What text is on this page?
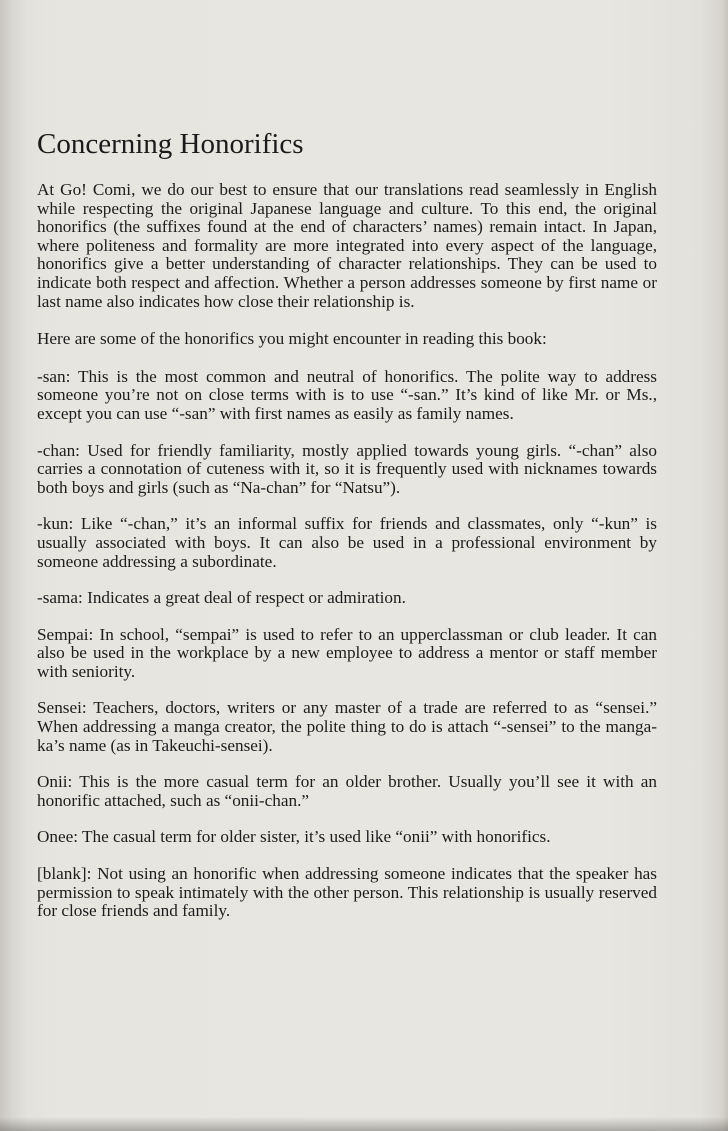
Concerning Honorifics

At Go! Comi, we do our best to ensure that our translations read seamlessly in English while respecting the original Japanese language and culture. To this end, the original honorifics (the suffixes found at the end of characters’ names) remain intact. In Japan, where politeness and formality are more integrated into every aspect of the language, honorifics give a better understanding of character relationships. They can be used to indicate both respect and affection. Whether a person addresses someone by first name or last name also indicates how close their relationship is.

Here are some of the honorifics you might encounter in reading this book:

-san: This is the most common and neutral of honorifics. The polite way to address someone you’re not on close terms with is to use “-san.” It’s kind of like Mr. or Ms., except you can use “-san” with first names as easily as family names.

-chan: Used for friendly familiarity, mostly applied towards young girls. “-chan” also carries a connotation of cuteness with it, so it is frequently used with nicknames towards both boys and girls (such as “Na-chan” for “Natsu”).

-kun: Like “-chan,” it’s an informal suffix for friends and classmates, only “-kun” is usually associated with boys. It can also be used in a professional environment by someone addressing a subordinate.

-sama: Indicates a great deal of respect or admiration.

Sempai: In school, “sempai” is used to refer to an upperclassman or club leader. It can also be used in the workplace by a new employee to address a mentor or staff member with seniority.

Sensei: Teachers, doctors, writers or any master of a trade are referred to as “sensei.” When addressing a manga creator, the polite thing to do is attach “-sensei” to the manga-ka’s name (as in Takeuchi-sensei).

Onii: This is the more casual term for an older brother. Usually you’ll see it with an honorific attached, such as “onii-chan.”

Onee: The casual term for older sister, it’s used like “onii” with honorifics.

[blank]: Not using an honorific when addressing someone indicates that the speaker has permission to speak intimately with the other person. This relationship is usually reserved for close friends and family.
